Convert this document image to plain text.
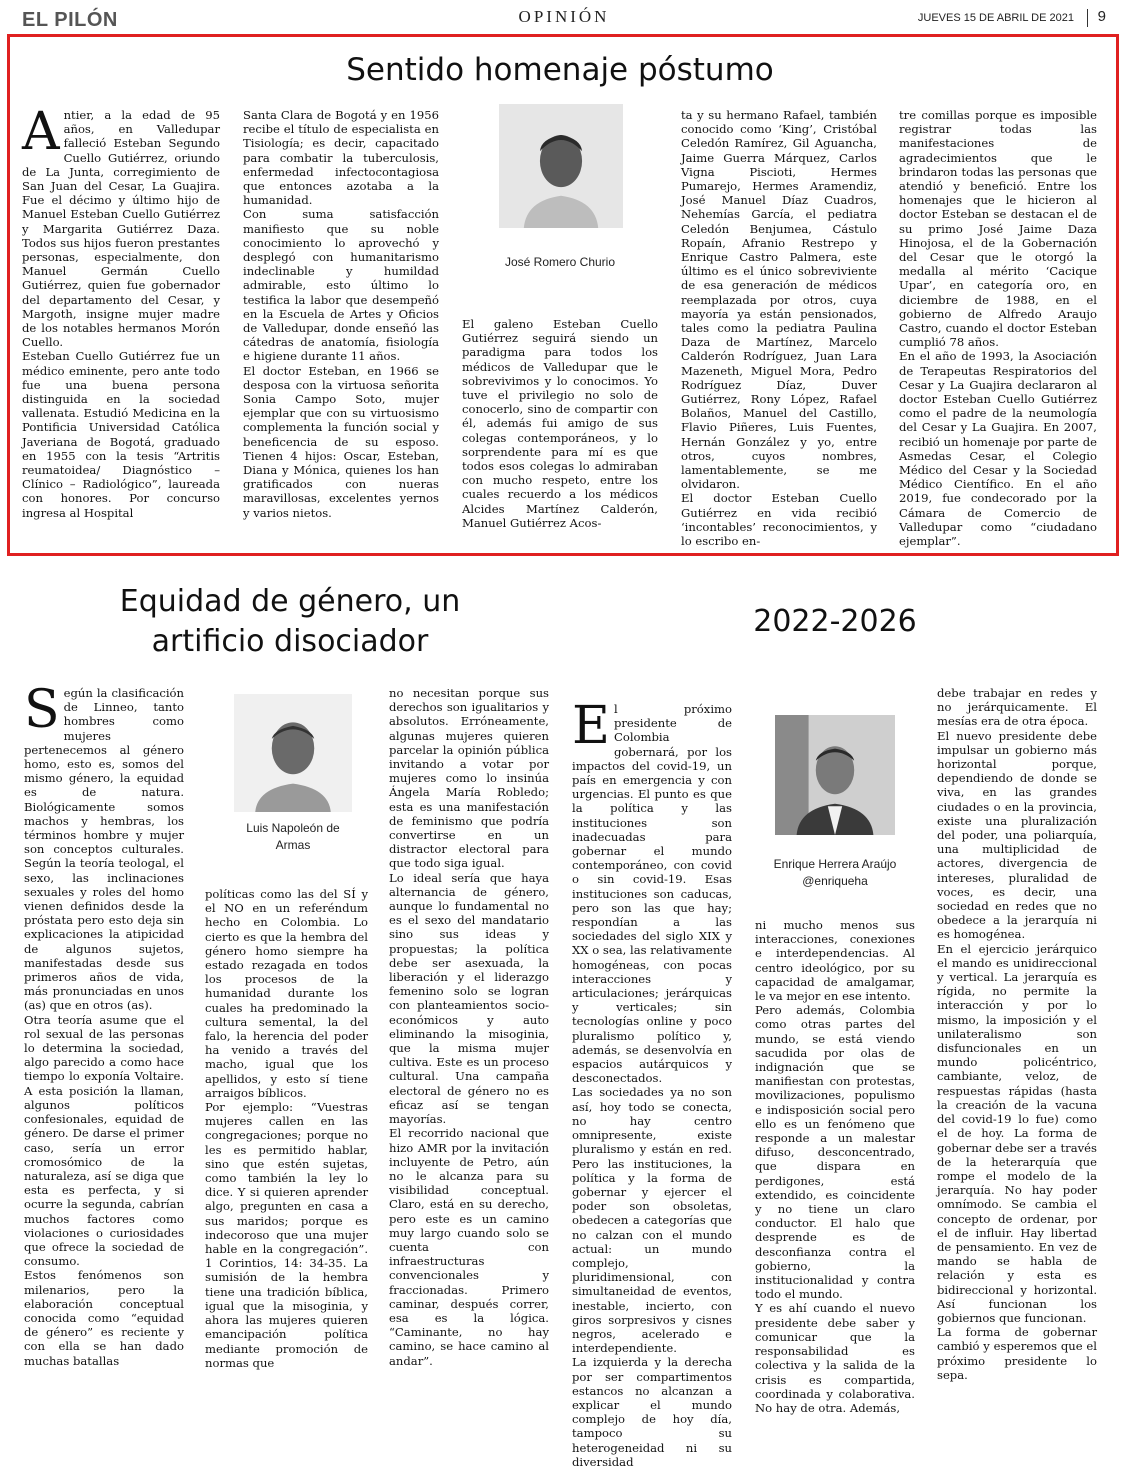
EL PILÓN	OPINIÓN	JUEVES 15 DE ABRIL DE 2021 9
Sentido homenaje póstumo
A ntier, a la edad de 95 años, en Valledupar falleció Esteban Segundo Cuello Gutiérrez, oriundo de La Junta, corregimiento de San Juan del Cesar, La Guajira. Fue el décimo y último hijo de Manuel Esteban Cuello Gutiérrez y Margarita Gutiérrez Daza. Todos sus hijos fueron prestantes personas, especialmente, don Manuel Germán Cuello Gutiérrez, quien fue gobernador del departamento del Cesar, y Margoth, insigne mujer madre de los notables hermanos Morón Cuello.

Esteban Cuello Gutiérrez fue un médico eminente, pero ante todo fue una buena persona distinguida en la sociedad vallenata. Estudió Medicina en la Pontificia Universidad Católica Javeriana de Bogotá, graduado en 1955 con la tesis “Artritis reumatoidea/ Diagnóstico – Clínico – Radiológico”, laureada con honores. Por concurso ingresa al Hospital

Santa Clara de Bogotá y en 1956 recibe el título de especialista en Tisiología; es decir, capacitado para combatir la tuberculosis, enfermedad infectocontagiosa que entonces azotaba a la humanidad.

Con suma satisfacción manifiesto que su noble conocimiento lo aprovechó y desplegó con humanitarismo indeclinable y humildad admirable, esto último lo testifica la labor que desempeñó en la Escuela de Artes y Oficios de Valledupar, donde enseñó las cátedras de anatomía, fisiología e higiene durante 11 años.

El doctor Esteban, en 1966 se desposa con la virtuosa señorita Sonia Campo Soto, mujer ejemplar que con su virtuosismo complementa la función social y beneficencia de su esposo. Tienen 4 hijos: Oscar, Esteban, Diana y Mónica, quienes los han gratificados con nueras maravillosas, excelentes yernos y varios nietos.

José Romero Churio

El galeno Esteban Cuello Gutiérrez seguirá siendo un paradigma para todos los médicos de Valledupar que le sobrevivimos y lo conocimos. Yo tuve el privilegio no solo de conocerlo, sino de compartir con él, además fui amigo de sus colegas contemporáneos, y lo sorprendente para mí es que todos esos colegas lo admiraban con mucho respeto, entre los cuales recuerdo a los médicos Alcides Martínez Calderón, Manuel Gutiérrez Acos-

ta y su hermano Rafael, también conocido como ‘King’, Cristóbal Celedón Ramírez, Gil Aguancha, Jaime Guerra Márquez, Carlos Vigna Piscioti, Hermes Pumarejo, Hermes Aramendiz, José Manuel Díaz Cuadros, Nehemías García, el pediatra Celedón Benjumea, Cástulo Ropaín, Afranio Restrepo y Enrique Castro Palmera, este último es el único sobreviviente de esa generación de médicos reemplazada por otros, cuya mayoría ya están pensionados, tales como la pediatra Paulina Daza de Martínez, Marcelo Calderón Rodríguez, Juan Lara Mazeneth, Miguel Mora, Pedro Rodríguez Díaz, Duver Gutiérrez, Rony López, Rafael Bolaños, Manuel del Castillo, Flavio Piñeres, Luis Fuentes, Hernán González y yo, entre otros, cuyos nombres, lamentablemente, se me olvidaron.

El doctor Esteban Cuello Gutiérrez en vida recibió ‘incontables’ reconocimientos, y lo escribo en-

tre comillas porque es imposible registrar todas las manifestaciones de agradecimientos que le brindaron todas las personas que atendió y benefició. Entre los homenajes que le hicieron al doctor Esteban se destacan el de su primo José Jaime Daza Hinojosa, el de la Gobernación del Cesar que le otorgó la medalla al mérito ‘Cacique Upar’, en categoría oro, en diciembre de 1988, en el gobierno de Alfredo Araujo Castro, cuando el doctor Esteban cumplió 78 años.

En el año de 1993, la Asociación de Terapeutas Respiratorios del Cesar y La Guajira declararon al doctor Esteban Cuello Gutiérrez como el padre de la neumología del Cesar y La Guajira. En 2007, recibió un homenaje por parte de Asmedas Cesar, el Colegio Médico del Cesar y la Sociedad Médico Científico. En el año 2019, fue condecorado por la Cámara de Comercio de Valledupar como “ciudadano ejemplar”.

Equidad de género, un artificio disociador
S egún la clasificación de Linneo, tanto hombres como mujeres pertenecemos al género homo, esto es, somos del mismo género, la equidad es de natura. Biológicamente somos machos y hembras, los términos hombre y mujer son conceptos culturales. Según la teoría teologal, el sexo, las inclinaciones sexuales y roles del homo vienen definidos desde la próstata pero esto deja sin explicaciones la atipicidad de algunos sujetos, manifestadas desde sus primeros años de vida, más pronunciadas en unos (as) que en otros (as).

Otra teoría asume que el rol sexual de las personas lo determina la sociedad, algo parecido a como hace tiempo lo exponía Voltaire. A esta posición la llaman, algunos políticos confesionales, equidad de género. De darse el primer caso, sería un error cromosómico de la naturaleza, así se diga que esta es perfecta, y si ocurre la segunda, cabrían muchos factores como violaciones o curiosidades que ofrece la sociedad de consumo.

Estos fenómenos son milenarios, pero la elaboración conceptual conocida como “equidad de género” es reciente y con ella se han dado muchas batallas

Luis Napoleón de
Armas

políticas como las del SÍ y el NO en un referéndum hecho en Colombia. Lo cierto es que la hembra del género homo siempre ha estado rezagada en todos los procesos de la humanidad durante los cuales ha predominado la cultura semental, la del falo, la herencia del poder ha venido a través del macho, igual que los apellidos, y esto sí tiene arraigos bíblicos.

Por ejemplo: “Vuestras mujeres callen en las congregaciones; porque no les es permitido hablar, sino que estén sujetas, como también la ley lo dice. Y si quieren aprender algo, pregunten en casa a sus maridos; porque es indecoroso que una mujer hable en la congregación”. 1 Corintios, 14: 34-35. La sumisión de la hembra tiene una tradición bíblica, igual que la misoginia, y ahora las mujeres quieren emancipación política mediante promoción de normas que

no necesitan porque sus derechos son igualitarios y absolutos. Erróneamente, algunas mujeres quieren parcelar la opinión pública invitando a votar por mujeres como lo insinúa Ángela María Robledo; esta es una manifestación de feminismo que podría convertirse en un distractor electoral para que todo siga igual.

Lo ideal sería que haya alternancia de género, aunque lo fundamental no es el sexo del mandatario sino sus ideas y propuestas; la política debe ser asexuada, la liberación y el liderazgo femenino solo se logran con planteamientos socio-económicos y auto eliminando la misoginia, que la misma mujer cultiva. Este es un proceso cultural. Una campaña electoral de género no es eficaz así se tengan mayorías.

El recorrido nacional que hizo AMR por la invitación incluyente de Petro, aún no le alcanza para su visibilidad conceptual. Claro, está en su derecho, pero este es un camino muy largo cuando solo se cuenta con infraestructuras convencionales y fraccionadas. Primero caminar, después correr, esa es la lógica. “Caminante, no hay camino, se hace camino al andar”.

2022-2026
E l próximo presidente de Colombia gobernará, por los impactos del covid-19, un país en emergencia y con urgencias. El punto es que la política y las instituciones son inadecuadas para gobernar el mundo contemporáneo, con covid o sin covid-19. Esas instituciones son caducas, pero son las que hay; respondían a las sociedades del siglo XIX y XX o sea, las relativamente homogéneas, con pocas interacciones y articulaciones; jerárquicas y verticales; sin tecnologías online y poco pluralismo político y, además, se desenvolvía en espacios autárquicos y desconectados.

Las sociedades ya no son así, hoy todo se conecta, no hay centro omnipresente, existe pluralismo y están en red. Pero las instituciones, la política y la forma de gobernar y ejercer el poder son obsoletas, obedecen a categorías que no calzan con el mundo actual: un mundo complejo, pluridimensional, con simultaneidad de eventos, inestable, incierto, con giros sorpresivos y cisnes negros, acelerado e interdependiente.

La izquierda y la derecha por ser compartimentos estancos no alcanzan a explicar el mundo complejo de hoy día, tampoco su heterogeneidad ni su diversidad

Enrique Herrera Araújo
@enriqueha

ni mucho menos sus interacciones, conexiones e interdependencias. Al centro ideológico, por su capacidad de amalgamar, le va mejor en ese intento.

Pero además, Colombia como otras partes del mundo, se está viendo sacudida por olas de indignación que se manifiestan con protestas, movilizaciones, populismo e indisposición social pero ello es un fenómeno que responde a un malestar difuso, desconcentrado, que dispara en perdigones, está extendido, es coincidente y no tiene un claro conductor. El halo que desprende es de desconfianza contra el gobierno, la institucionalidad y contra todo el mundo.

Y es ahí cuando el nuevo presidente debe saber y comunicar que la responsabilidad es colectiva y la salida de la crisis es compartida, coordinada y colaborativa. No hay de otra. Además,

debe trabajar en redes y no jerárquicamente. El mesías era de otra época.

El nuevo presidente debe impulsar un gobierno más horizontal porque, dependiendo de donde se viva, en las grandes ciudades o en la provincia, existe una pluralización del poder, una poliarquía, una multiplicidad de actores, divergencia de intereses, pluralidad de voces, es decir, una sociedad en redes que no obedece a la jerarquía ni es homogénea.

En el ejercicio jerárquico el mando es unidireccional y vertical. La jerarquía es rígida, no permite la interacción y por lo mismo, la imposición y el unilateralismo son disfuncionales en un mundo policéntrico, cambiante, veloz, de respuestas rápidas (hasta la creación de la vacuna del covid-19 lo fue) como el de hoy. La forma de gobernar debe ser a través de la heterarquía que rompe el modelo de la jerarquía. No hay poder omnímodo. Se cambia el concepto de ordenar, por el de influir. Hay libertad de pensamiento. En vez de mando se habla de relación y esta es bidireccional y horizontal. Así funcionan los gobiernos que funcionan.

La forma de gobernar cambió y esperemos que el próximo presidente lo sepa.
